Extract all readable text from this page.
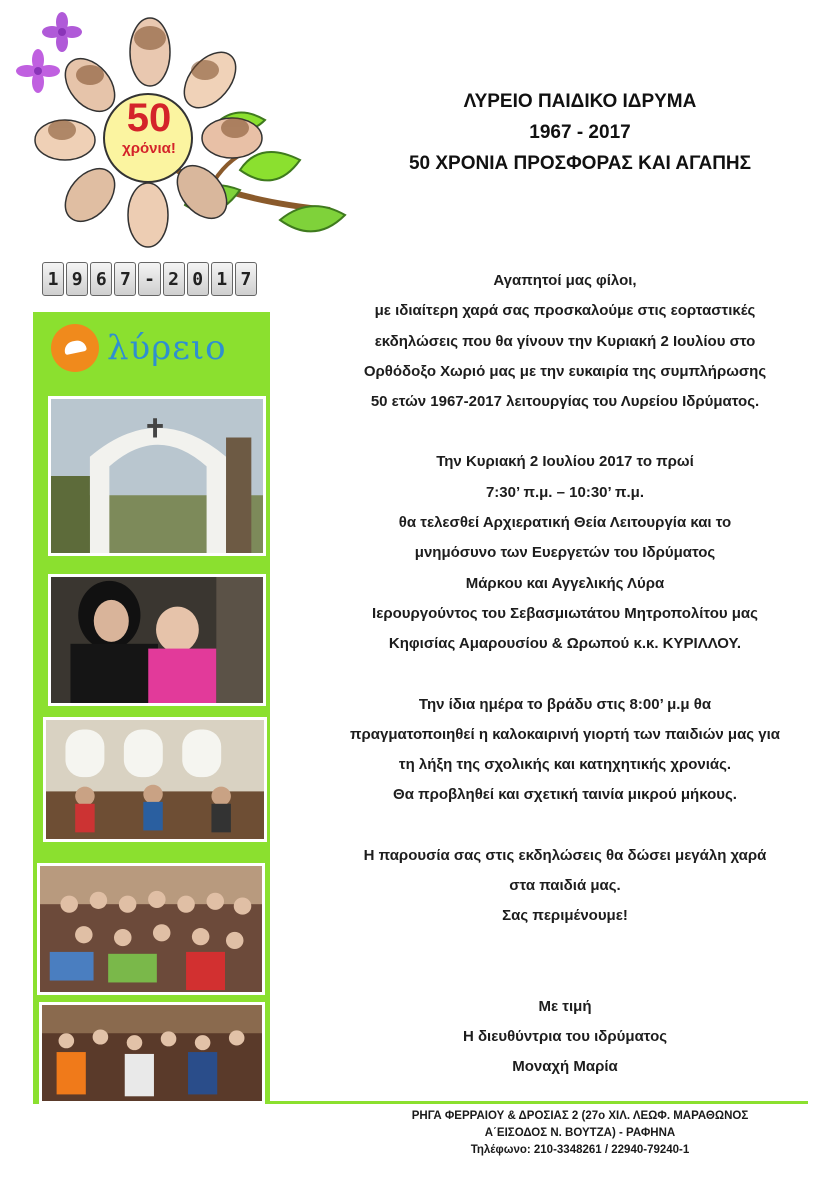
50
χρόνια!
1 9 6 7 - 2 0 1 7
ΛΥΡΕΙΟ ΠΑΙΔΙΚΟ ΙΔΡΥΜΑ
1967 - 2017
50 ΧΡΟΝΙΑ ΠΡΟΣΦΟΡΑΣ ΚΑΙ ΑΓΑΠΗΣ
λύρειο

Αγαπητοί μας φίλοι,

με ιδιαίτερη χαρά σας προσκαλούμε στις εορταστικές

εκδηλώσεις που θα γίνουν την Κυριακή 2 Ιουλίου στο

Ορθόδοξο Χωριό μας με την ευκαιρία της συμπλήρωσης

50 ετών 1967-2017 λειτουργίας του Λυρείου Ιδρύματος.

Την Κυριακή 2 Ιουλίου 2017 το πρωί

7:30’ π.μ. – 10:30’ π.μ.

θα τελεσθεί Αρχιερατική Θεία Λειτουργία και το

μνημόσυνο των Ευεργετών του Ιδρύματος

Μάρκου και Αγγελικής Λύρα

Ιερουργούντος του Σεβασμιωτάτου Μητροπολίτου μας

Κηφισίας Αμαρουσίου & Ωρωπού κ.κ. ΚΥΡΙΛΛΟΥ.

Την ίδια ημέρα το βράδυ στις 8:00’ μ.μ θα

πραγματοποιηθεί η καλοκαιρινή γιορτή των παιδιών μας για

τη λήξη της σχολικής και κατηχητικής χρονιάς.

Θα προβληθεί και σχετική ταινία μικρού μήκους.

Η παρουσία σας στις εκδηλώσεις θα δώσει μεγάλη χαρά

στα παιδιά μας.

Σας περιμένουμε!

Με τιμή

Η διευθύντρια του ιδρύματος

Μοναχή Μαρία

ΡΗΓΑ ΦΕΡΡΑΙΟΥ & ΔΡΟΣΙΑΣ 2 (27ο ΧΙΛ. ΛΕΩΦ. ΜΑΡΑΘΩΝΟΣ
Α΄ΕΙΣΟΔΟΣ Ν. ΒΟΥΤΖΑ) - ΡΑΦΗΝΑ
Τηλέφωνο: 210-3348261 / 22940-79240-1
